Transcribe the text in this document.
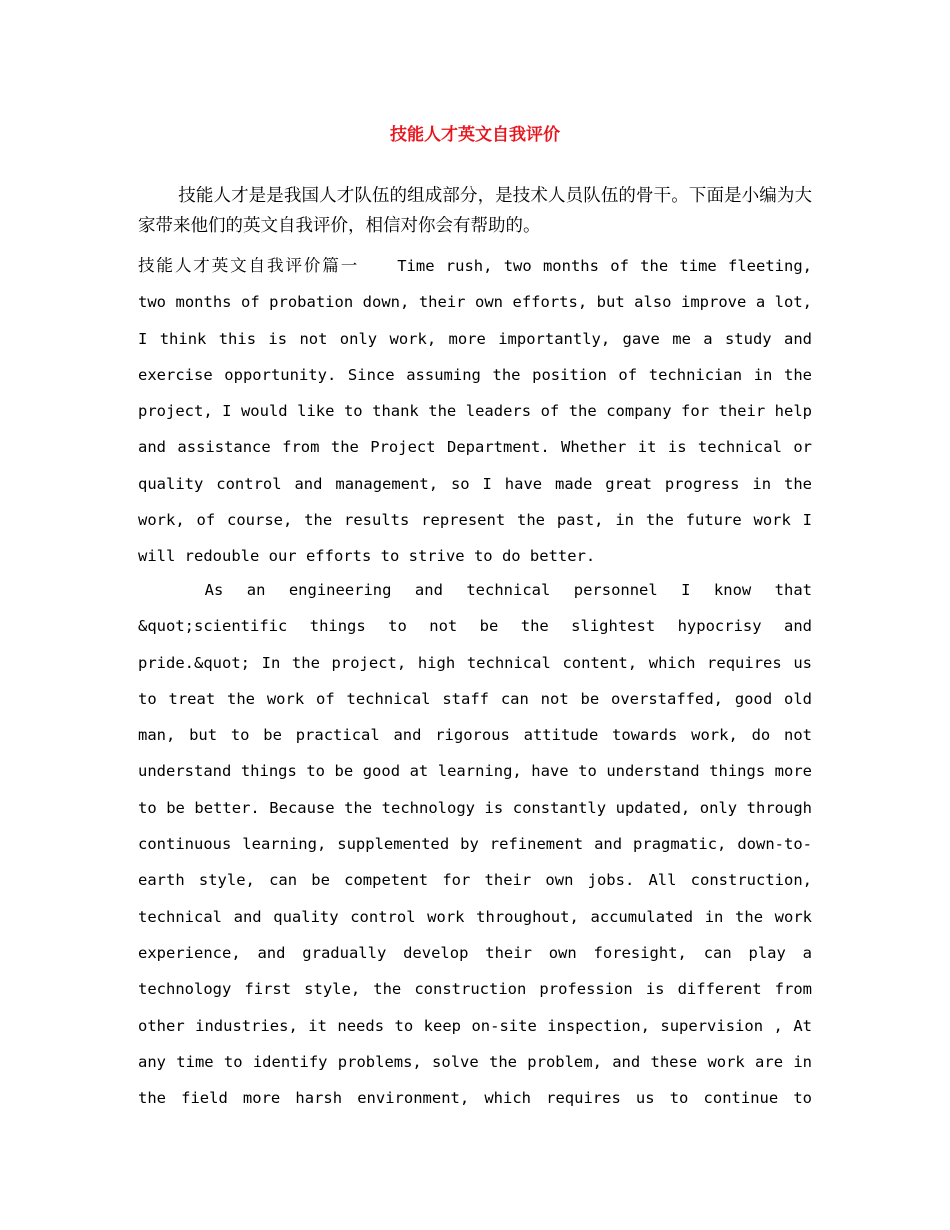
技能人才英文自我评价

技能人才是是我国人才队伍的组成部分，是技术人员队伍的骨干。下面是小编为大家带来他们的英文自我评价，相信对你会有帮助的。

技能人才英文自我评价篇一 Time rush, two months of the time fleeting,
two months of probation down, their own efforts, but also improve a lot,
I think this is not only work, more importantly, gave me a study and
exercise opportunity. Since assuming the position of technician in the
project, I would like to thank the leaders of the company for their help
and assistance from the Project Department. Whether it is technical or
quality control and management, so I have made great progress in the
work, of course, the results represent the past, in the future work I
will redouble our efforts to strive to do better.
As an engineering and technical personnel I know that
&quot;scientific things to not be the slightest hypocrisy and
pride.&quot; In the project, high technical content, which requires us
to treat the work of technical staff can not be overstaffed, good old
man, but to be practical and rigorous attitude towards work, do not
understand things to be good at learning, have to understand things more
to be better. Because the technology is constantly updated, only through
continuous learning, supplemented by refinement and pragmatic, down-to-
earth style, can be competent for their own jobs. All construction,
technical and quality control work throughout, accumulated in the work
experience, and gradually develop their own foresight, can play a
technology first style, the construction profession is different from
other industries, it needs to keep on-site inspection, supervision , At
any time to identify problems, solve the problem, and these work are in
the field more harsh environment, which requires us to continue to
